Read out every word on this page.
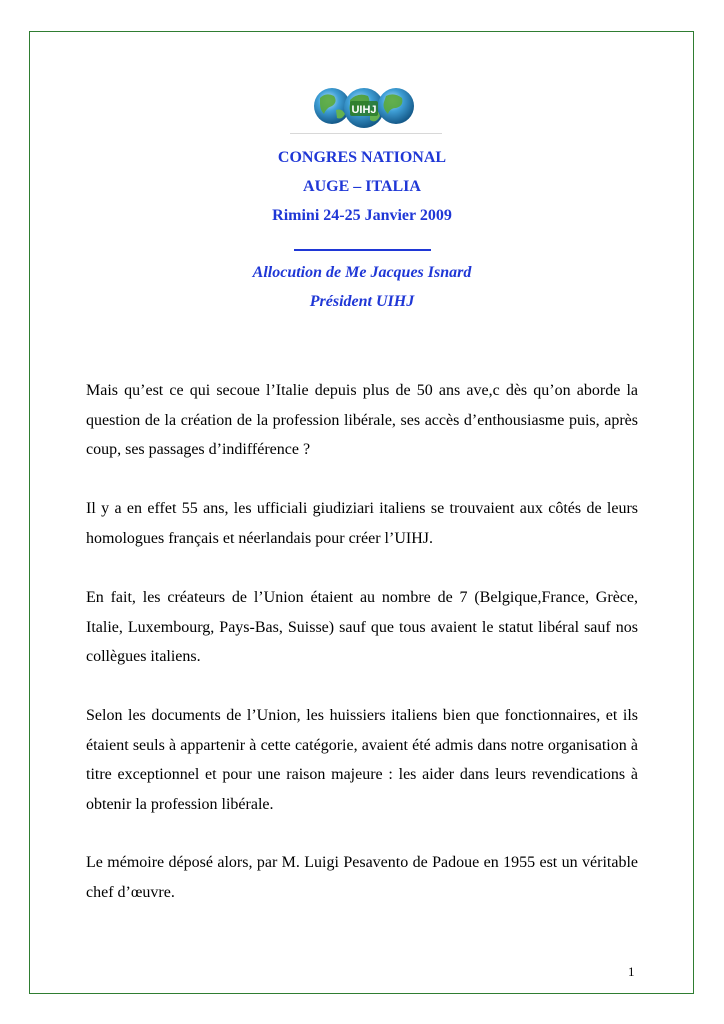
UIHJ
CONGRES NATIONAL
AUGE – ITALIA
Rimini 24-25 Janvier 2009
Allocution de Me Jacques Isnard
Président UIHJ
Mais qu’est ce qui secoue l’Italie depuis plus de 50 ans ave,c dès qu’on aborde la question de la création de la profession libérale, ses accès d’enthousiasme puis, après coup, ses passages d’indifférence ?
Il y a en effet 55 ans, les ufficiali giudiziari italiens se trouvaient aux côtés de leurs homologues français et néerlandais pour créer l’UIHJ.
En fait, les créateurs de l’Union étaient au nombre de 7 (Belgique,France, Grèce, Italie, Luxembourg, Pays-Bas, Suisse) sauf que tous avaient le statut libéral sauf nos collègues italiens.
Selon les documents de l’Union, les huissiers italiens bien que fonctionnaires, et ils étaient seuls à appartenir à cette catégorie, avaient été admis dans notre organisation à titre exceptionnel et pour une raison majeure : les aider dans leurs revendications à obtenir la profession libérale.
Le mémoire déposé alors, par M. Luigi Pesavento de Padoue en 1955 est un véritable chef d’œuvre.
1
